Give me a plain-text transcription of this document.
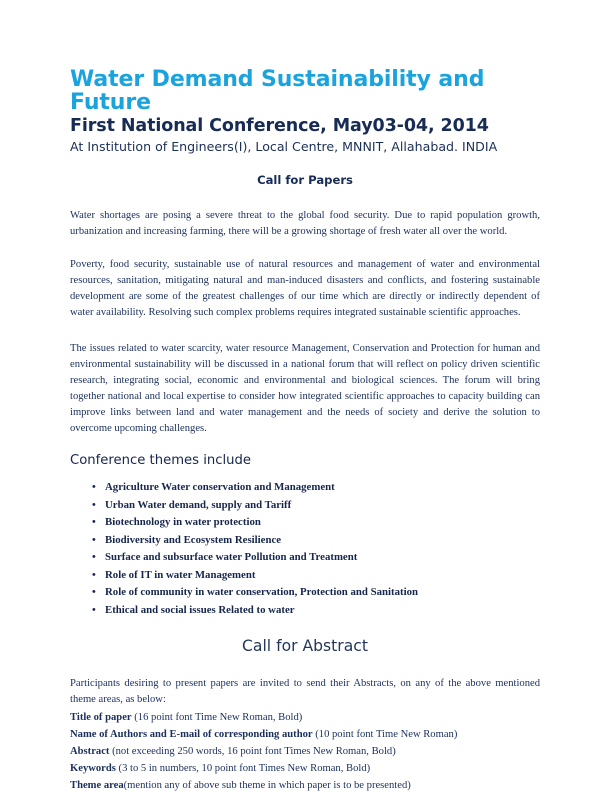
Water Demand Sustainability and Future
First National Conference, May03-04, 2014
At Institution of Engineers(I), Local Centre, MNNIT, Allahabad. INDIA
Call for Papers

Water shortages are posing a severe threat to the global food security. Due to rapid population growth, urbanization and increasing farming, there will be a growing shortage of fresh water all over the world.

Poverty, food security, sustainable use of natural resources and management of water and environmental resources, sanitation, mitigating natural and man-induced disasters and conflicts, and fostering sustainable development are some of the greatest challenges of our time which are directly or indirectly dependent of water availability. Resolving such complex problems requires integrated sustainable scientific approaches.

The issues related to water scarcity, water resource Management, Conservation and Protection for human and environmental sustainability will be discussed in a national forum that will reflect on policy driven scientific research, integrating social, economic and environmental and biological sciences. The forum will bring together national and local expertise to consider how integrated scientific approaches to capacity building can improve links between land and water management and the needs of society and derive the solution to overcome upcoming challenges.

Conference themes include
• Agriculture Water conservation and Management
• Urban Water demand, supply and Tariff
• Biotechnology in water protection
• Biodiversity and Ecosystem Resilience
• Surface and subsurface water Pollution and Treatment
• Role of IT in water Management
• Role of community in water conservation, Protection and Sanitation
• Ethical and social issues Related to water
Call for Abstract

Participants desiring to present papers are invited to send their Abstracts, on any of the above mentioned theme areas, as below:

Title of paper (16 point font Time New Roman, Bold)
Name of Authors and E-mail of corresponding author (10 point font Time New Roman)
Abstract (not exceeding 250 words, 16 point font Times New Roman, Bold)
Keywords (3 to 5 in numbers, 10 point font Times New Roman, Bold)
Theme area(mention any of above sub theme in which paper is to be presented)
